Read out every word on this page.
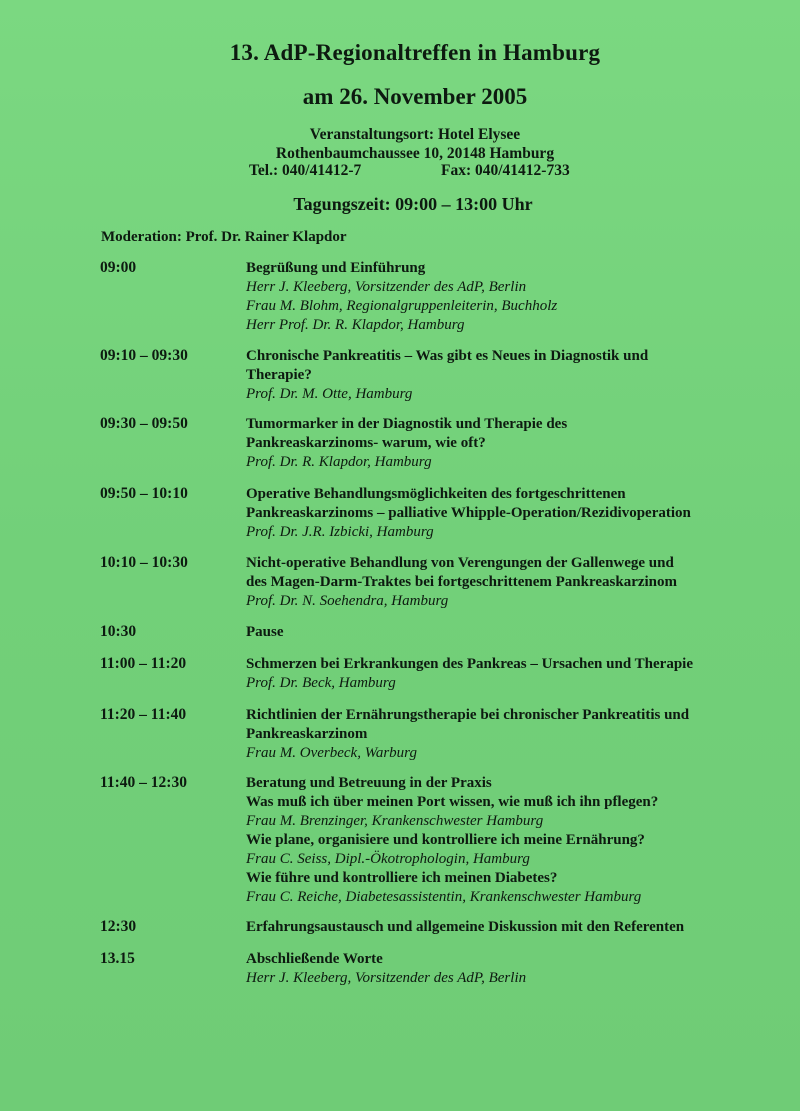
13. AdP-Regionaltreffen in Hamburg
am 26. November 2005
Veranstaltungsort: Hotel Elysee
Rothenbaumchaussee 10, 20148 Hamburg
Tel.: 040/41412-7	Fax: 040/41412-733
Tagungszeit: 09:00 – 13:00 Uhr
Moderation: Prof. Dr. Rainer Klapdor
09:00	Begrüßung und Einführung
Herr J. Kleeberg, Vorsitzender des AdP, Berlin
Frau M. Blohm, Regionalgruppenleiterin, Buchholz
Herr Prof. Dr. R. Klapdor, Hamburg
09:10 – 09:30	Chronische Pankreatitis – Was gibt es Neues in Diagnostik und
Therapie?
Prof. Dr. M. Otte, Hamburg
09:30 – 09:50	Tumormarker in der Diagnostik und Therapie des
Pankreaskarzinoms- warum, wie oft?
Prof. Dr. R. Klapdor, Hamburg
09:50 – 10:10	Operative Behandlungsmöglichkeiten des fortgeschrittenen
Pankreaskarzinoms – palliative Whipple-Operation/Rezidivoperation
Prof. Dr. J.R. Izbicki, Hamburg
10:10 – 10:30	Nicht-operative Behandlung von Verengungen der Gallenwege und
des Magen-Darm-Traktes bei fortgeschrittenem Pankreaskarzinom
Prof. Dr. N. Soehendra, Hamburg
10:30	Pause
11:00 – 11:20	Schmerzen bei Erkrankungen des Pankreas – Ursachen und Therapie
Prof. Dr. Beck, Hamburg
11:20 – 11:40	Richtlinien der Ernährungstherapie bei chronischer Pankreatitis und
Pankreaskarzinom
Frau M. Overbeck, Warburg
11:40 – 12:30	Beratung und Betreuung in der Praxis
Was muß ich über meinen Port wissen, wie muß ich ihn pflegen?
Frau M. Brenzinger, Krankenschwester Hamburg
Wie plane, organisiere und kontrolliere ich meine Ernährung?
Frau C. Seiss, Dipl.-Ökotrophologin, Hamburg
Wie führe und kontrolliere ich meinen Diabetes?
Frau C. Reiche, Diabetesassistentin, Krankenschwester Hamburg
12:30	Erfahrungsaustausch und allgemeine Diskussion mit den Referenten
13.15	Abschließende Worte
Herr J. Kleeberg, Vorsitzender des AdP, Berlin
